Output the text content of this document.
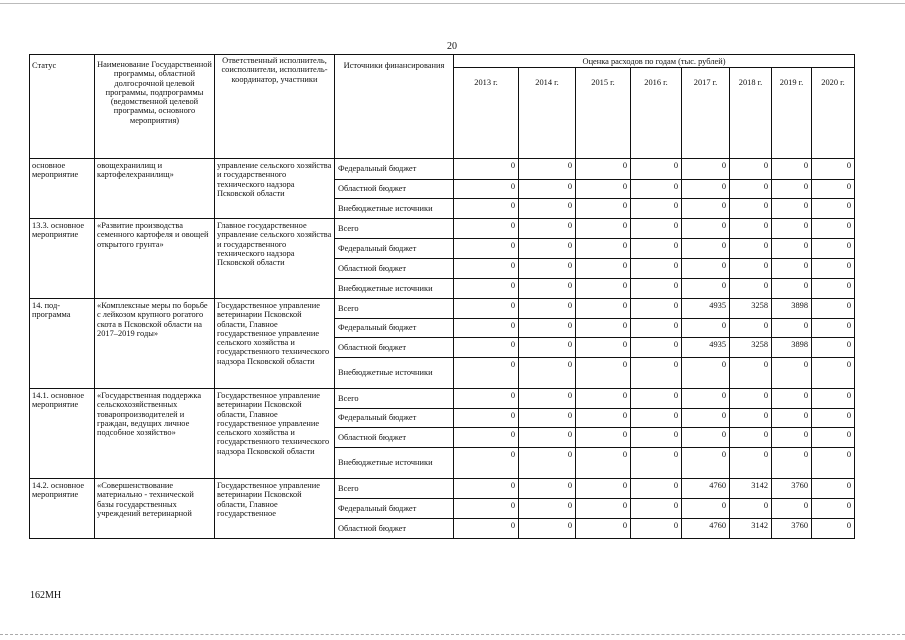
20
Статус	Наименование Государственной программы, областной долгосрочной целевой программы, подпрограммы (ведомственной целевой программы, основного мероприятия)	Ответственный исполнитель, соисполнители, исполнитель-координатор, участники	Источники финансирования	Оценка расходов по годам (тыс. рублей)							
				2013 г.	2014 г.	2015 г.	2016 г.	2017 г.	2018 г.	2019 г.	2020 г.
основное мероприятие	овощехранилищ и картофелехранилищ»	управление сельского хозяйства и государственного технического надзора Псковской области	Федеральный бюджет	0	0	0	0	0	0	0	0
			Областной бюджет	0	0	0	0	0	0	0	0
			Внебюджетные источники	0	0	0	0	0	0	0	0
13.3. основное мероприятие	«Развитие производства семенного картофеля и овощей открытого грунта»	Главное государственное управление сельского хозяйства и государственного технического надзора Псковской области	Всего	0	0	0	0	0	0	0	0
			Федеральный бюджет	0	0	0	0	0	0	0	0
			Областной бюджет	0	0	0	0	0	0	0	0
			Внебюджетные источники	0	0	0	0	0	0	0	0
14. под-программа	«Комплексные меры по борьбе с лейкозом крупного рогатого скота в Псковской области на 2017–2019 годы»	Государственное управление ветеринарии Псковской области, Главное государственное управление сельского хозяйства и государственного технического надзора Псковской области	Всего	0	0	0	0	4935	3258	3898	0
			Федеральный бюджет	0	0	0	0	0	0	0	0
			Областной бюджет	0	0	0	0	4935	3258	3898	0
			Внебюджетные источники	0	0	0	0	0	0	0	0
14.1. основное мероприятие	«Государственная поддержка сельскохозяйственных товаропроизводителей и граждан, ведущих личное подсобное хозяйство»	Государственное управление ветеринарии Псковской области, Главное государственное управление сельского хозяйства и государственного технического надзора Псковской области	Всего	0	0	0	0	0	0	0	0
			Федеральный бюджет	0	0	0	0	0	0	0	0
			Областной бюджет	0	0	0	0	0	0	0	0
			Внебюджетные источники	0	0	0	0	0	0	0	0
14.2. основное мероприятие	«Совершенствование материально - технической базы государственных учреждений ветеринарной	Государственное управление ветеринарии Псковской области, Главное государственное	Всего	0	0	0	0	4760	3142	3760	0
			Федеральный бюджет	0	0	0	0	0	0	0	0
			Областной бюджет	0	0	0	0	4760	3142	3760	0
162МН
